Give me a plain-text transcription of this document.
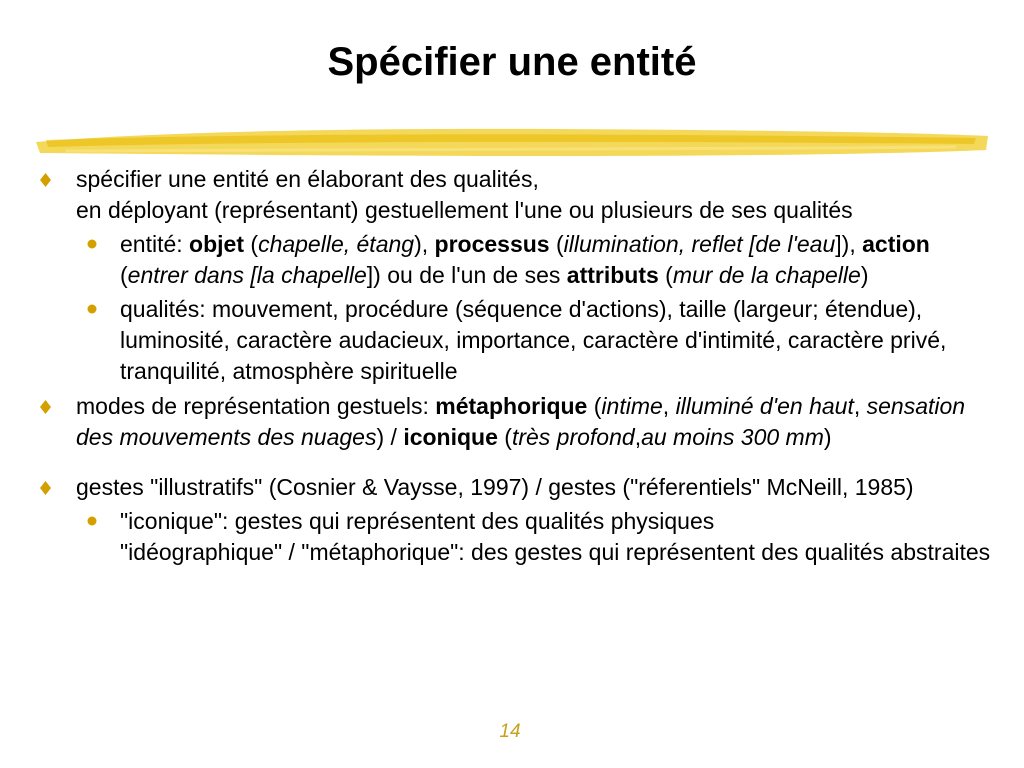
Spécifier une entité
spécifier une entité en élaborant des qualités,
en déployant (représentant) gestuellement l'une ou plusieurs de ses qualités
entité: objet (chapelle, étang), processus (illumination, reflet [de l'eau]), action (entrer dans [la chapelle]) ou de l'un de ses attributs (mur de la chapelle)
qualités: mouvement, procédure (séquence d'actions), taille (largeur; étendue), luminosité, caractère audacieux, importance, caractère d'intimité, caractère privé, tranquilité, atmosphère spirituelle
modes de représentation gestuels: métaphorique (intime, illuminé d'en haut, sensation des mouvements des nuages) / iconique (très profond,au moins 300 mm)
gestes "illustratifs" (Cosnier & Vaysse, 1997) / gestes ("réferentiels" McNeill, 1985)
"iconique": gestes qui représentent des qualités physiques
"idéographique" / "métaphorique": des gestes qui représentent des qualités abstraites
14
